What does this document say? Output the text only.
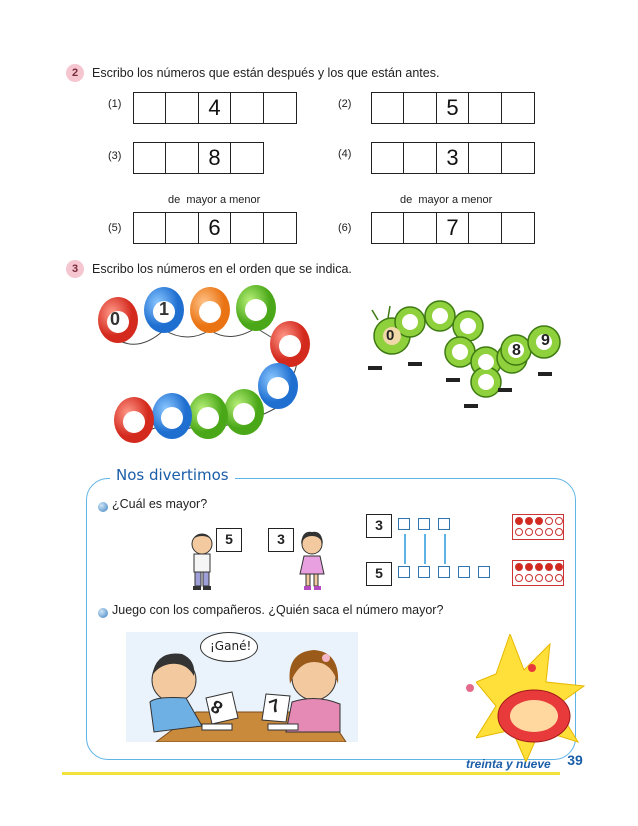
2	Escribo los números que están después y los que están antes.
(1)	4	(2)	5
(3)	8	(4)	3
de  mayor a menor	de  mayor a menor
(5)	6	(6)	7
3	Escribo los números en el orden que se indica.
0 1
0
8
9
Nos divertimos
¿Cuál es mayor?
5	3
3
5
Juego con los compañeros. ¿Quién saca el número mayor?
¡Gané!
8 7
treinta y nueve	39
